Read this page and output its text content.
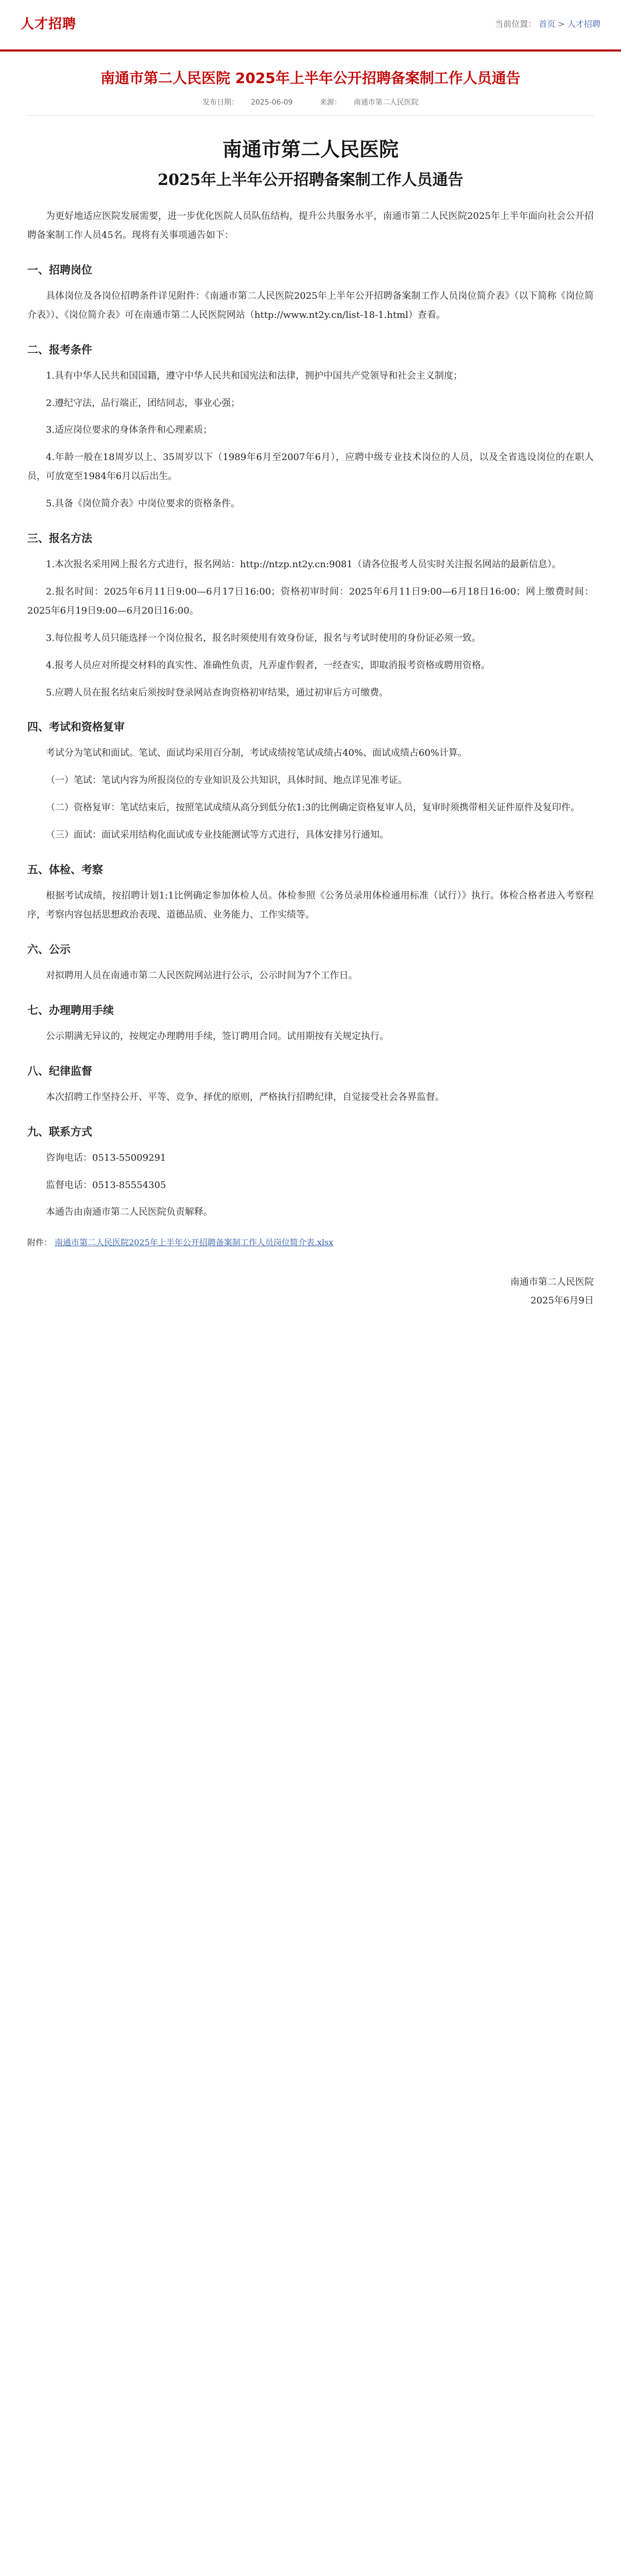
人才招聘	当前位置： 首页 > 人才招聘
南通市第二人民医院 2025年上半年公开招聘备案制工作人员通告
发布日期： 2025-06-09	来源： 南通市第二人民医院
南通市第二人民医院
2025年上半年公开招聘备案制工作人员通告

为更好地适应医院发展需要，进一步优化医院人员队伍结构，提升公共服务水平，南通市第二人民医院2025年上半年面向社会公开招聘备案制工作人员45名。现将有关事项通告如下：

一、招聘岗位

具体岗位及各岗位招聘条件详见附件：《南通市第二人民医院2025年上半年公开招聘备案制工作人员岗位简介表》（以下简称《岗位简介表》）、《岗位简介表》可在南通市第二人民医院网站（http://www.nt2y.cn/list-18-1.html）查看。

二、报考条件

1.具有中华人民共和国国籍，遵守中华人民共和国宪法和法律，拥护中国共产党领导和社会主义制度；

2.遵纪守法，品行端正，团结同志，事业心强；

3.适应岗位要求的身体条件和心理素质；

4.年龄一般在18周岁以上、35周岁以下（1989年6月至2007年6月），应聘中级专业技术岗位的人员，以及全省选设岗位的在职人员，可放宽至1984年6月以后出生。

5.具备《岗位简介表》中岗位要求的资格条件。

三、报名方法

1.本次报名采用网上报名方式进行，报名网站：http://ntzp.nt2y.cn:9081（请各位报考人员实时关注报名网站的最新信息）。

2.报名时间：2025年6月11日9:00—6月17日16:00；资格初审时间：2025年6月11日9:00—6月18日16:00；网上缴费时间：2025年6月19日9:00—6月20日16:00。

3.每位报考人员只能选择一个岗位报名，报名时须使用有效身份证，报名与考试时使用的身份证必须一致。

4.报考人员应对所提交材料的真实性、准确性负责，凡弄虚作假者，一经查实，即取消报考资格或聘用资格。

5.应聘人员在报名结束后须按时登录网站查询资格初审结果，通过初审后方可缴费。

四、考试和资格复审

考试分为笔试和面试。笔试、面试均采用百分制，考试成绩按笔试成绩占40%、面试成绩占60%计算。

（一）笔试：笔试内容为所报岗位的专业知识及公共知识，具体时间、地点详见准考证。

（二）资格复审：笔试结束后，按照笔试成绩从高分到低分依1:3的比例确定资格复审人员，复审时须携带相关证件原件及复印件。

（三）面试：面试采用结构化面试或专业技能测试等方式进行，具体安排另行通知。

五、体检、考察

根据考试成绩，按招聘计划1:1比例确定参加体检人员。体检参照《公务员录用体检通用标准（试行）》执行。体检合格者进入考察程序，考察内容包括思想政治表现、道德品质、业务能力、工作实绩等。

六、公示

对拟聘用人员在南通市第二人民医院网站进行公示，公示时间为7个工作日。

七、办理聘用手续

公示期满无异议的，按规定办理聘用手续，签订聘用合同。试用期按有关规定执行。

八、纪律监督

本次招聘工作坚持公开、平等、竞争、择优的原则，严格执行招聘纪律，自觉接受社会各界监督。

九、联系方式

咨询电话：0513-55009291

监督电话：0513-85554305

本通告由南通市第二人民医院负责解释。

附件： 南通市第二人民医院2025年上半年公开招聘备案制工作人员岗位简介表.xlsx
南通市第二人民医院
2025年6月9日
